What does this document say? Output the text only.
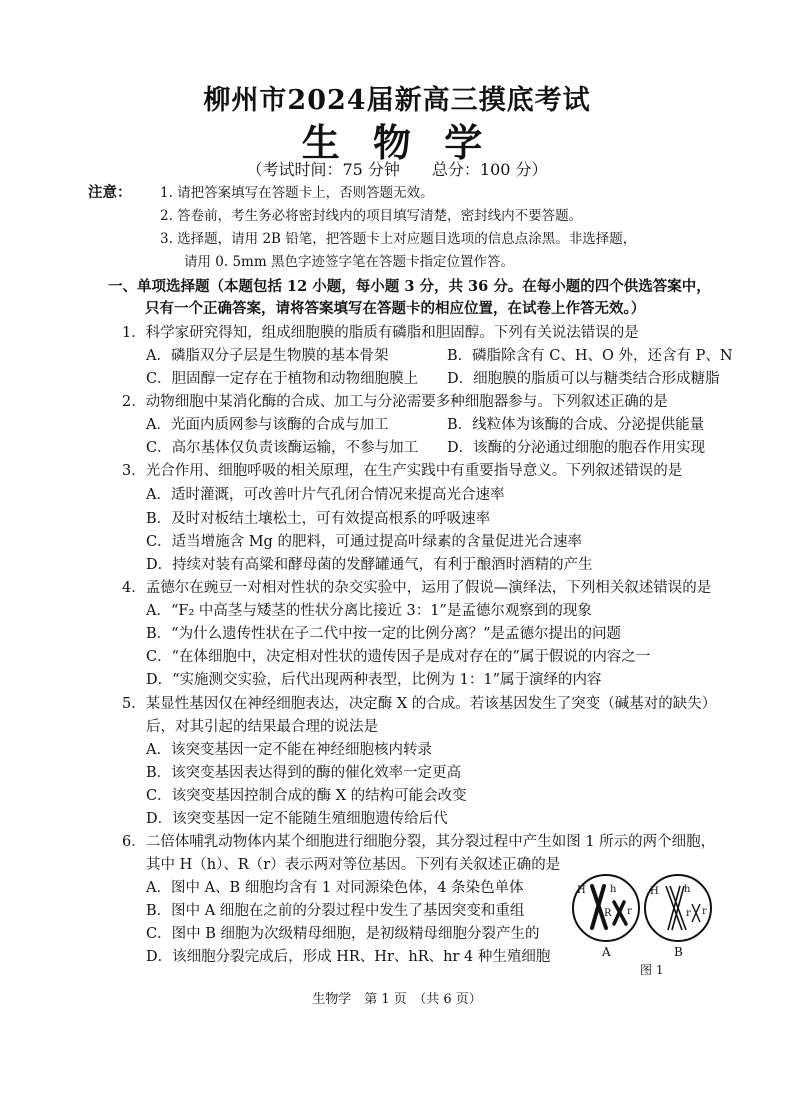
柳州市2024届新高三摸底考试
生 物 学
（考试时间：75 分钟　　总分：100 分）
注意： 1. 请把答案填写在答题卡上，否则答题无效。
2. 答卷前，考生务必将密封线内的项目填写清楚，密封线内不要答题。
3. 选择题，请用 2B 铅笔，把答题卡上对应题目选项的信息点涂黑。非选择题，
请用 0. 5mm 黑色字迹签字笔在答题卡指定位置作答。
一、单项选择题（本题包括 12 小题，每小题 3 分，共 36 分。在每小题的四个供选答案中，
只有一个正确答案，请将答案填写在答题卡的相应位置，在试卷上作答无效。）
1．科学家研究得知，组成细胞膜的脂质有磷脂和胆固醇。下列有关说法错误的是
A．磷脂双分子层是生物膜的基本骨架	B．磷脂除含有 C、H、O 外，还含有 P、N
C．胆固醇一定存在于植物和动物细胞膜上 D．细胞膜的脂质可以与糖类结合形成糖脂
2．动物细胞中某消化酶的合成、加工与分泌需要多种细胞器参与。下列叙述正确的是
A．光面内质网参与该酶的合成与加工	B．线粒体为该酶的合成、分泌提供能量
C．高尔基体仅负责该酶运输，不参与加工 D．该酶的分泌通过细胞的胞吞作用实现
3．光合作用、细胞呼吸的相关原理，在生产实践中有重要指导意义。下列叙述错误的是
A．适时灌溉，可改善叶片气孔闭合情况来提高光合速率
B．及时对板结土壤松土，可有效提高根系的呼吸速率
C．适当增施含 Mg 的肥料，可通过提高叶绿素的含量促进光合速率
D．持续对装有高粱和酵母菌的发酵罐通气，有利于酿酒时酒精的产生
4．孟德尔在豌豆一对相对性状的杂交实验中，运用了假说—演绎法，下列相关叙述错误的是
A．“F₂ 中高茎与矮茎的性状分离比接近 3：1”是孟德尔观察到的现象
B．“为什么遗传性状在子二代中按一定的比例分离？”是孟德尔提出的问题
C．“在体细胞中，决定相对性状的遗传因子是成对存在的”属于假说的内容之一
D．“实施测交实验，后代出现两种表型，比例为 1：1”属于演绎的内容
5．某显性基因仅在神经细胞表达，决定酶 X 的合成。若该基因发生了突变（碱基对的缺失）
后，对其引起的结果最合理的说法是
A．该突变基因一定不能在神经细胞核内转录
B．该突变基因表达得到的酶的催化效率一定更高
C．该突变基因控制合成的酶 X 的结构可能会改变
D．该突变基因一定不能随生殖细胞遗传给后代
6．二倍体哺乳动物体内某个细胞进行细胞分裂，其分裂过程中产生如图 1 所示的两个细胞，
其中 H（h）、R（r）表示两对等位基因。下列有关叙述正确的是
A．图中 A、B 细胞均含有 1 对同源染色体，4 条染色单体
B．图中 A 细胞在之前的分裂过程中发生了基因突变和重组
C．图中 B 细胞为次级精母细胞，是初级精母细胞分裂产生的
D．该细胞分裂完成后，形成 HR、Hr、hR、hr 4 种生殖细胞
H h
R r
H	h
r r
A	B
图 1
生物学　第 1 页　（共 6 页）
